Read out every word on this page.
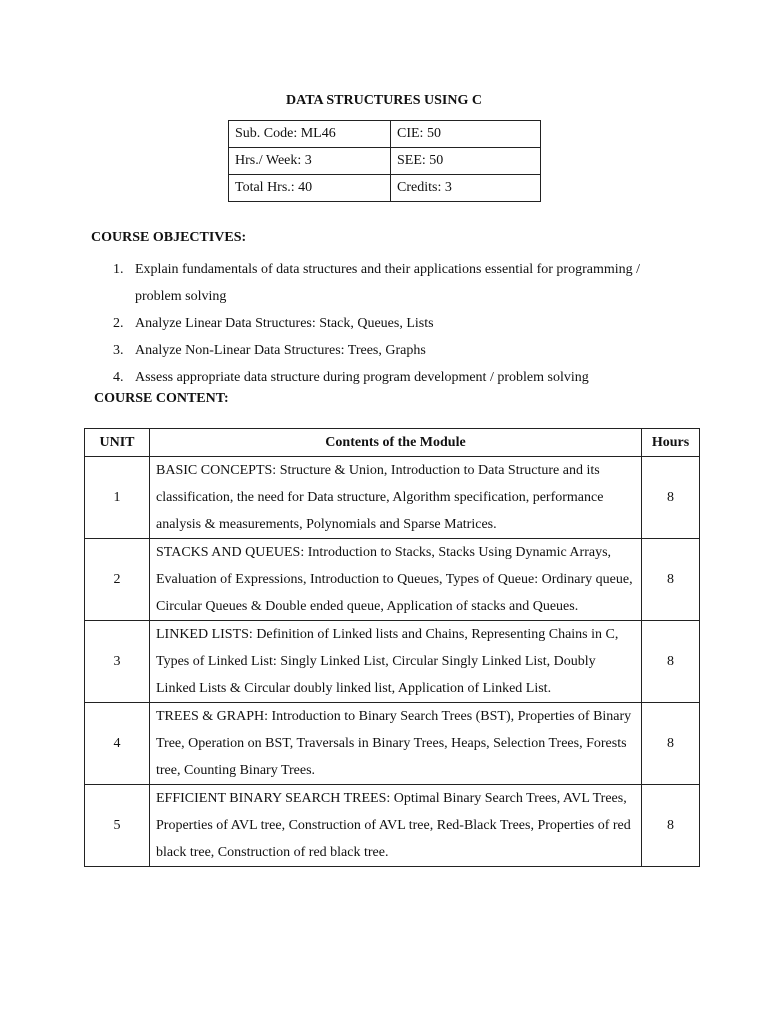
DATA STRUCTURES USING C
Sub. Code: ML46	CIE: 50
Hrs./ Week: 3	SEE: 50
Total Hrs.: 40	Credits: 3
COURSE OBJECTIVES:
1. Explain fundamentals of data structures and their applications essential for programming / problem solving
2. Analyze Linear Data Structures: Stack, Queues, Lists
3. Analyze Non-Linear Data Structures: Trees, Graphs
4. Assess appropriate data structure during program development / problem solving
COURSE CONTENT:
UNIT	Contents of the Module	Hours
1	BASIC CONCEPTS: Structure & Union, Introduction to Data Structure and its classification, the need for Data structure, Algorithm specification, performance analysis & measurements, Polynomials and Sparse Matrices.	8
2	STACKS AND QUEUES: Introduction to Stacks, Stacks Using Dynamic Arrays, Evaluation of Expressions, Introduction to Queues, Types of Queue: Ordinary queue, Circular Queues & Double ended queue, Application of stacks and Queues.	8
3	LINKED LISTS: Definition of Linked lists and Chains, Representing Chains in C, Types of Linked List: Singly Linked List, Circular Singly Linked List, Doubly Linked Lists & Circular doubly linked list, Application of Linked List.	8
4	TREES & GRAPH: Introduction to Binary Search Trees (BST), Properties of Binary Tree, Operation on BST, Traversals in Binary Trees, Heaps, Selection Trees, Forests tree, Counting Binary Trees.	8
5	EFFICIENT BINARY SEARCH TREES: Optimal Binary Search Trees, AVL Trees, Properties of AVL tree, Construction of AVL tree, Red-Black Trees, Properties of red black tree, Construction of red black tree.	8
